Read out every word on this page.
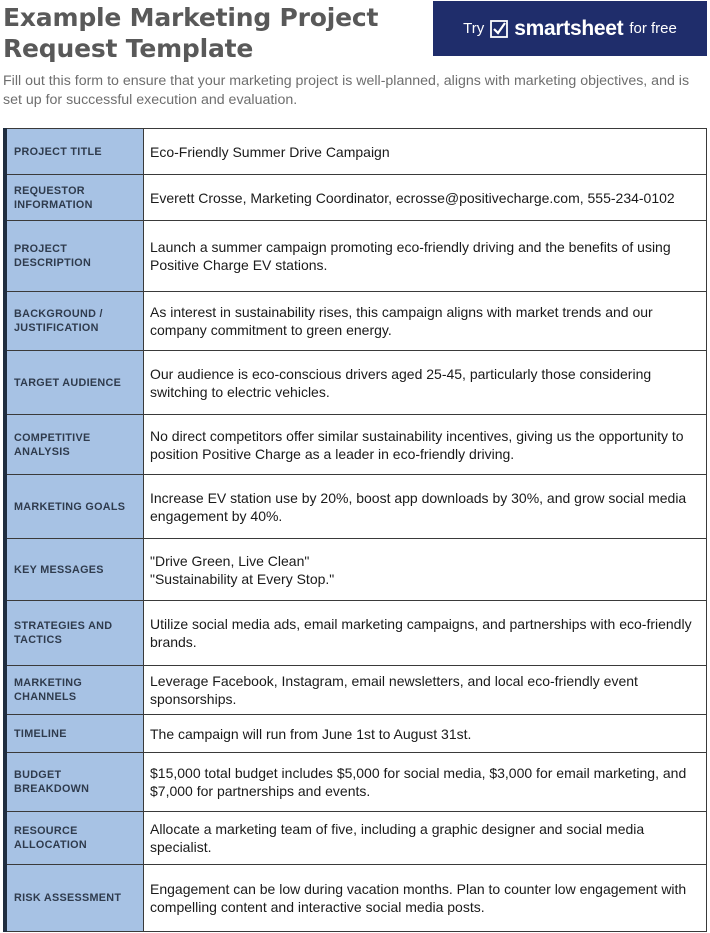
Example Marketing Project
Request Template
Try smartsheet for free
Fill out this form to ensure that your marketing project is well-planned, aligns with marketing objectives, and is set up for successful execution and evaluation.
PROJECT TITLE	Eco-Friendly Summer Drive Campaign

REQUESTOR INFORMATION	Everett Crosse, Marketing Coordinator, ecrosse@positivecharge.com, 555-234-0102

PROJECT DESCRIPTION	Launch a summer campaign promoting eco-friendly driving and the benefits of using Positive Charge EV stations.

BACKGROUND / JUSTIFICATION	As interest in sustainability rises, this campaign aligns with market trends and our company commitment to green energy.

TARGET AUDIENCE	Our audience is eco-conscious drivers aged 25-45, particularly those considering switching to electric vehicles.

COMPETITIVE ANALYSIS	No direct competitors offer similar sustainability incentives, giving us the opportunity to position Positive Charge as a leader in eco-friendly driving.

MARKETING GOALS	Increase EV station use by 20%, boost app downloads by 30%, and grow social media engagement by 40%.

KEY MESSAGES	"Drive Green, Live Clean"
"Sustainability at Every Stop."

STRATEGIES AND TACTICS	Utilize social media ads, email marketing campaigns, and partnerships with eco-friendly brands.

MARKETING CHANNELS	Leverage Facebook, Instagram, email newsletters, and local eco-friendly event sponsorships.

TIMELINE	The campaign will run from June 1st to August 31st.

BUDGET BREAKDOWN	$15,000 total budget includes $5,000 for social media, $3,000 for email marketing, and $7,000 for partnerships and events.

RESOURCE ALLOCATION	Allocate a marketing team of five, including a graphic designer and social media specialist.

RISK ASSESSMENT	Engagement can be low during vacation months. Plan to counter low engagement with compelling content and interactive social media posts.
